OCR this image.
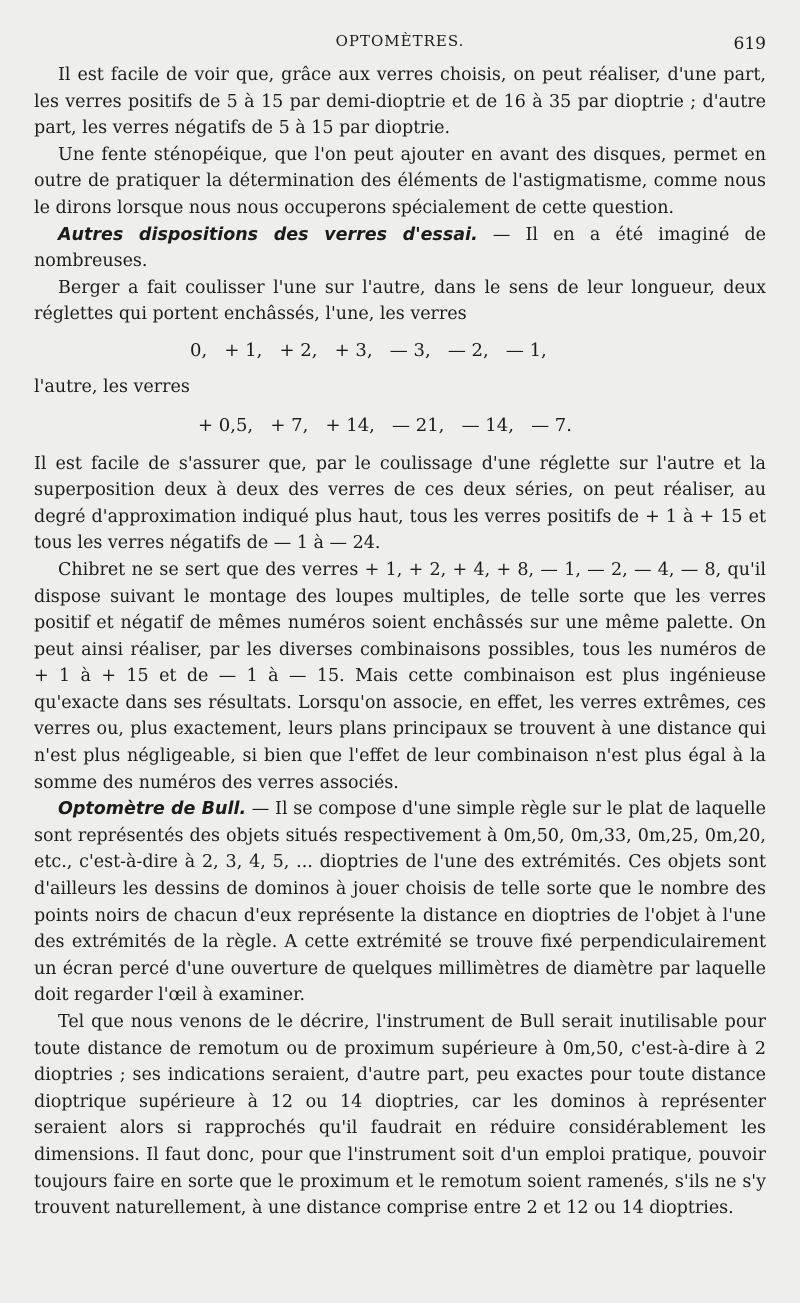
OPTOMÈTRES.	619

Il est facile de voir que, grâce aux verres choisis, on peut réaliser, d'une part, les verres positifs de 5 à 15 par demi-dioptrie et de 16 à 35 par dioptrie ; d'autre part, les verres négatifs de 5 à 15 par dioptrie.

Une fente sténopéique, que l'on peut ajouter en avant des disques, permet en outre de pratiquer la détermination des éléments de l'astigmatisme, comme nous le dirons lorsque nous nous occuperons spécialement de cette question.

Autres dispositions des verres d'essai. — Il en a été imaginé de nombreuses.

Berger a fait coulisser l'une sur l'autre, dans le sens de leur longueur, deux réglettes qui portent enchâssés, l'une, les verres

0,   + 1,   + 2,   + 3,   — 3,   — 2,   — 1,

l'autre, les verres

+ 0,5,   + 7,   + 14,   — 21,   — 14,   — 7.

Il est facile de s'assurer que, par le coulissage d'une réglette sur l'autre et la superposition deux à deux des verres de ces deux séries, on peut réaliser, au degré d'approximation indiqué plus haut, tous les verres positifs de + 1 à + 15 et tous les verres négatifs de — 1 à — 24.

Chibret ne se sert que des verres + 1, + 2, + 4, + 8, — 1, — 2, — 4, — 8, qu'il dispose suivant le montage des loupes multiples, de telle sorte que les verres positif et négatif de mêmes numéros soient enchâssés sur une même palette. On peut ainsi réaliser, par les diverses combinaisons possibles, tous les numéros de + 1 à + 15 et de — 1 à — 15. Mais cette combinaison est plus ingénieuse qu'exacte dans ses résultats. Lorsqu'on associe, en effet, les verres extrêmes, ces verres ou, plus exactement, leurs plans principaux se trouvent à une distance qui n'est plus négligeable, si bien que l'effet de leur combinaison n'est plus égal à la somme des numéros des verres associés.

Optomètre de Bull. — Il se compose d'une simple règle sur le plat de laquelle sont représentés des objets situés respectivement à 0m,50, 0m,33, 0m,25, 0m,20, etc., c'est-à-dire à 2, 3, 4, 5, ... dioptries de l'une des extrémités. Ces objets sont d'ailleurs les dessins de dominos à jouer choisis de telle sorte que le nombre des points noirs de chacun d'eux représente la distance en dioptries de l'objet à l'une des extrémités de la règle. A cette extrémité se trouve fixé perpendiculairement un écran percé d'une ouverture de quelques millimètres de diamètre par laquelle doit regarder l'œil à examiner.

Tel que nous venons de le décrire, l'instrument de Bull serait inutilisable pour toute distance de remotum ou de proximum supérieure à 0m,50, c'est-à-dire à 2 dioptries ; ses indications seraient, d'autre part, peu exactes pour toute distance dioptrique supérieure à 12 ou 14 dioptries, car les dominos à représenter seraient alors si rapprochés qu'il faudrait en réduire considérablement les dimensions. Il faut donc, pour que l'instrument soit d'un emploi pratique, pouvoir toujours faire en sorte que le proximum et le remotum soient ramenés, s'ils ne s'y trouvent naturellement, à une distance comprise entre 2 et 12 ou 14 dioptries.
